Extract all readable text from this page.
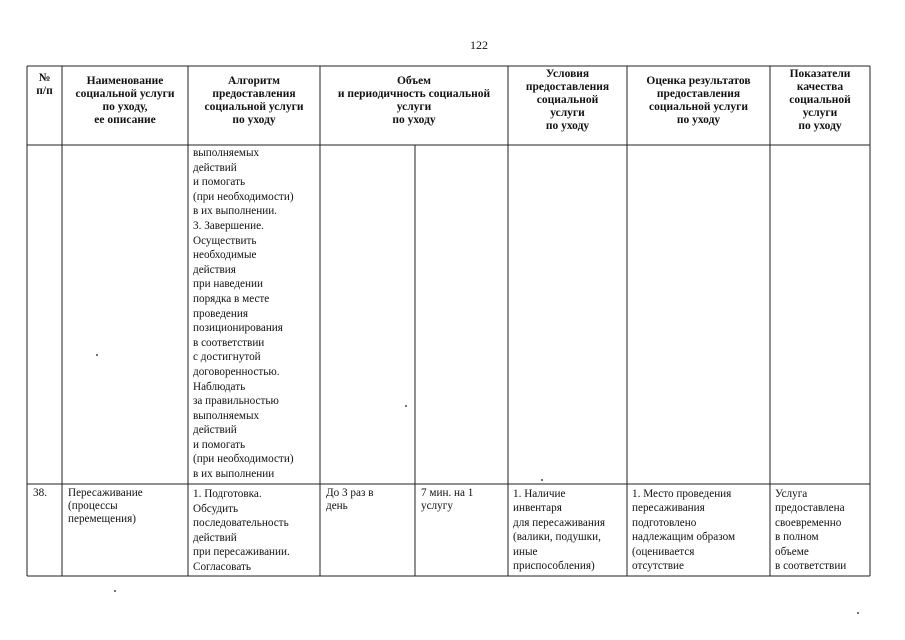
122
№
п/п
Наименование
социальной услуги
по уходу,
ее описание
Алгоритм
предоставления
социальной услуги
по уходу
Объем
и периодичность социальной
услуги
по уходу
Условия
предоставления
социальной
услуги
по уходу
Оценка результатов
предоставления
социальной услуги
по уходу
Показатели
качества
социальной
услуги
по уходу
выполняемых
действий
и помогать
(при необходимости)
в их выполнении.
3. Завершение.
Осуществить
необходимые
действия
при наведении
порядка в месте
проведения
позиционирования
в соответствии
с достигнутой
договоренностью.
Наблюдать
за правильностью
выполняемых
действий
и помогать
(при необходимости)
в их выполнении
38. Пересаживание
(процессы
перемещения)
1. Подготовка.
Обсудить
последовательность
действий
при пересаживании.
Согласовать
До 3 раз в
день
7 мин. на 1
услугу
1. Наличие
инвентаря
для пересаживания
(валики, подушки,
иные
приспособления)
1. Место проведения
пересаживания
подготовлено
надлежащим образом
(оценивается
отсутствие
Услуга
предоставлена
своевременно
в полном
объеме
в соответствии
